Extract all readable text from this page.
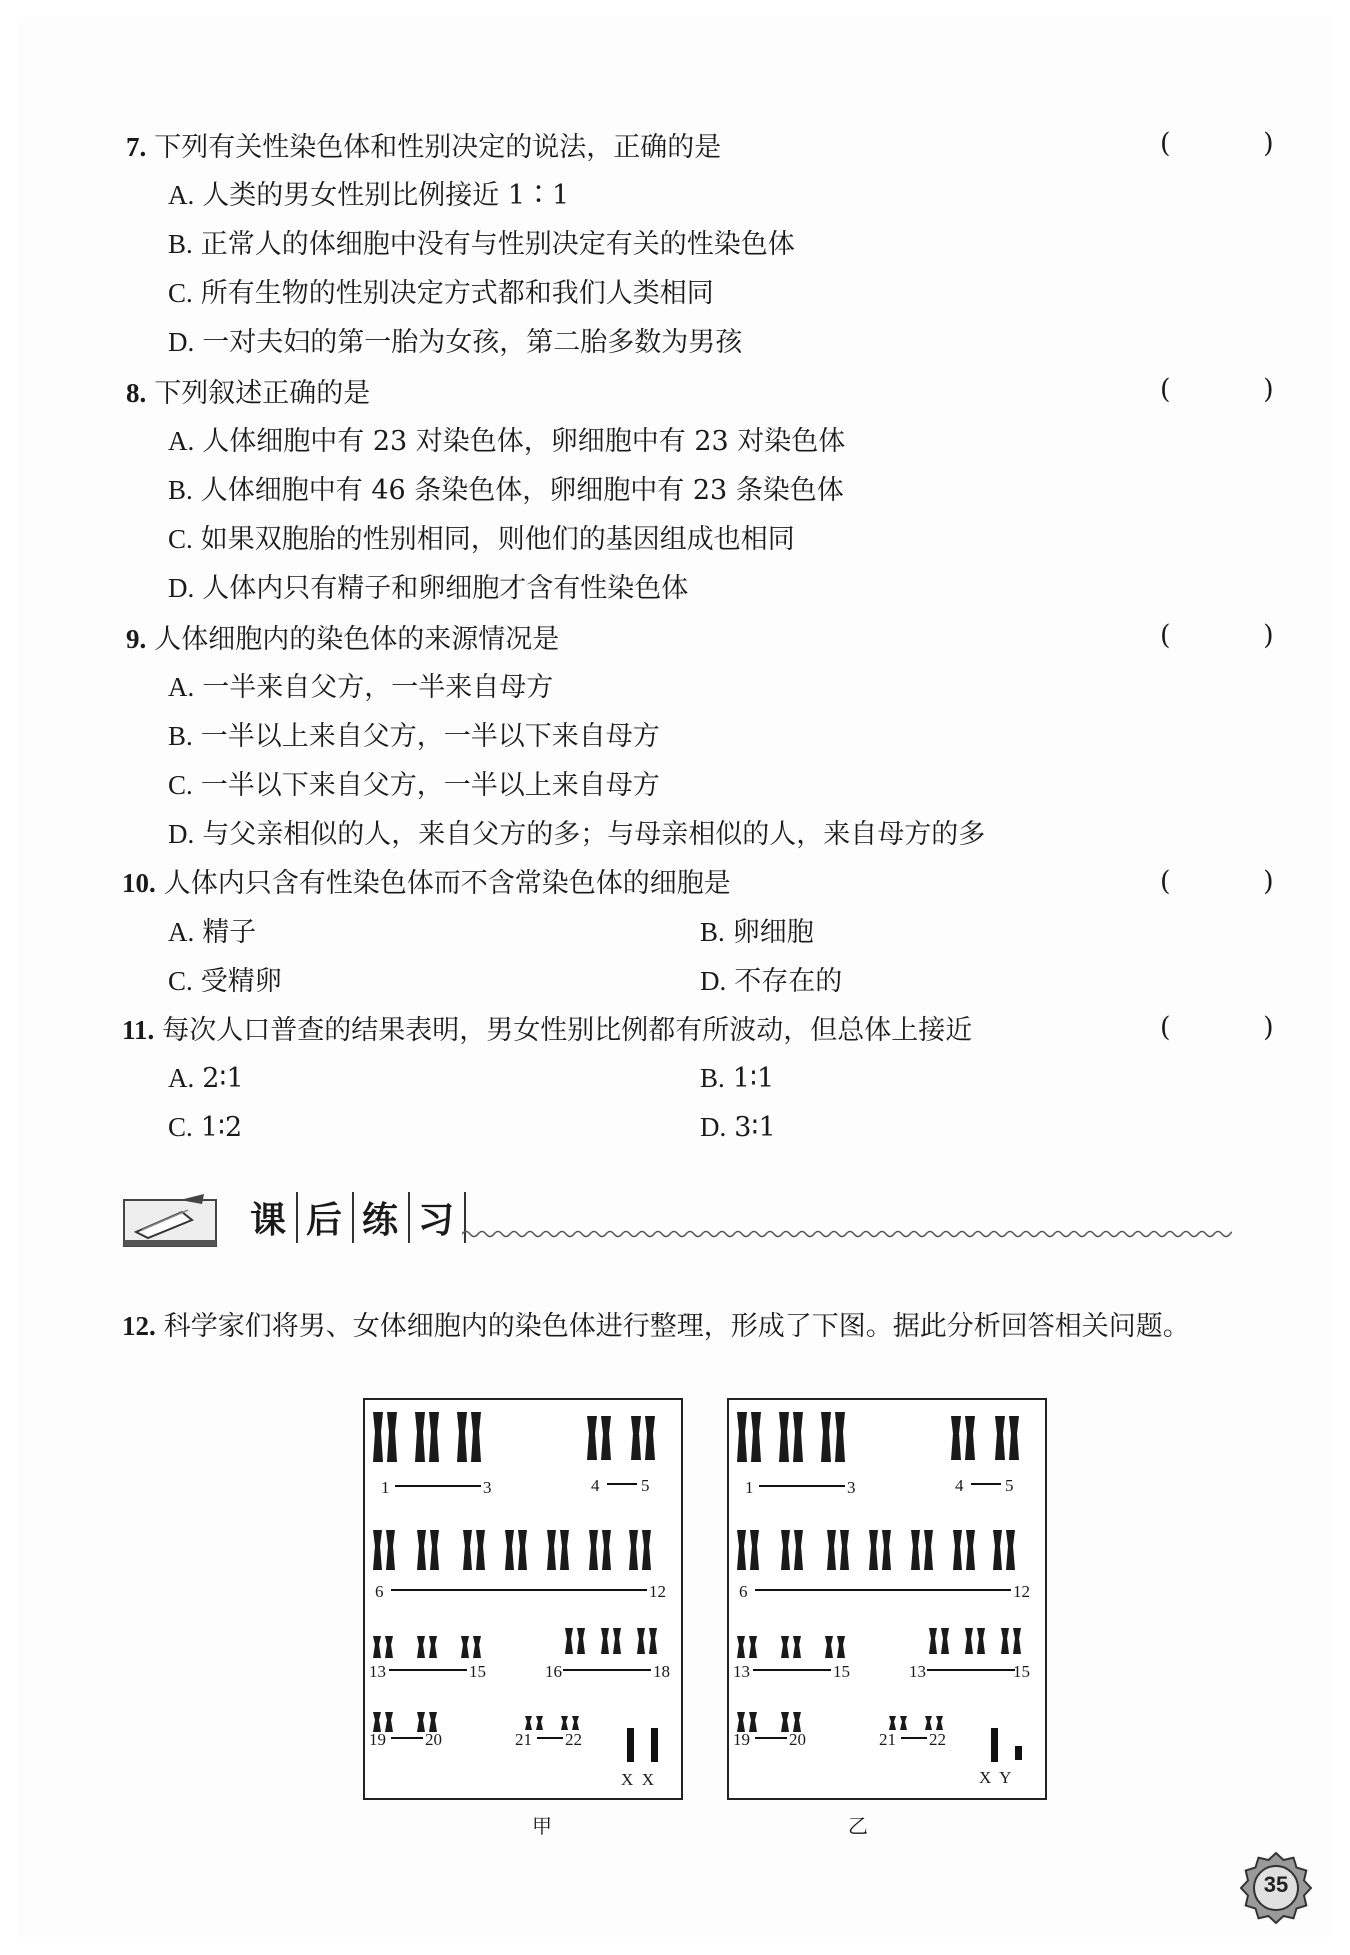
7. 下列有关性染色体和性别决定的说法，正确的是	( )
A. 人类的男女性别比例接近 1∶1
B. 正常人的体细胞中没有与性别决定有关的性染色体
C. 所有生物的性别决定方式都和我们人类相同
D. 一对夫妇的第一胎为女孩，第二胎多数为男孩
8. 下列叙述正确的是	( )
A. 人体细胞中有 23 对染色体，卵细胞中有 23 对染色体
B. 人体细胞中有 46 条染色体，卵细胞中有 23 条染色体
C. 如果双胞胎的性别相同，则他们的基因组成也相同
D. 人体内只有精子和卵细胞才含有性染色体
9. 人体细胞内的染色体的来源情况是	( )
A. 一半来自父方，一半来自母方
B. 一半以上来自父方，一半以下来自母方
C. 一半以下来自父方，一半以上来自母方
D. 与父亲相似的人，来自父方的多；与母亲相似的人，来自母方的多
10. 人体内只含有性染色体而不含常染色体的细胞是	( )
A. 精子	B. 卵细胞
C. 受精卵	D. 不存在的
11. 每次人口普查的结果表明，男女性别比例都有所波动，但总体上接近	( )
A. 2∶1	B. 1∶1
C. 1∶2	D. 3∶1
课 后 练 习
12. 科学家们将男、女体细胞内的染色体进行整理，形成了下图。据此分析回答相关问题。
1	3	4 5
6	12
13	15	16	18
19 20	21 22
X  X
1	3	4 5
6	12
13	15	13	15
19 20	21 22
X  Y
甲	乙
35
